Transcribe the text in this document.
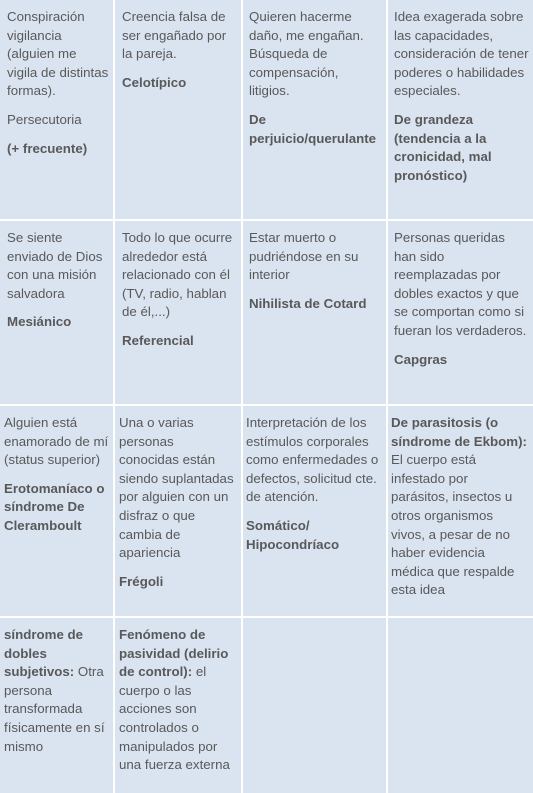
Conspiración vigilancia (alguien me vigila de distintas formas).

Persecutoria

(+ frecuente)

Creencia falsa de ser engañado por la pareja.

Celotípico

Quieren hacerme daño, me engañan. Búsqueda de compensación, litigios.

De perjuicio/querulante

Idea exagerada sobre las capacidades, consideración de tener poderes o habilidades especiales.

De grandeza (tendencia a la cronicidad, mal pronóstico)

Se siente enviado de Dios con una misión salvadora

Mesiánico

Todo lo que ocurre alrededor está relacionado con él (TV, radio, hablan de él,...)

Referencial

Estar muerto o pudriéndose en su interior

Nihilista de Cotard

Personas queridas han sido reemplazadas por dobles exactos y que se comportan como si fueran los verdaderos.

Capgras

Alguien está enamorado de mí (status superior)

Erotomaníaco o síndrome De Cleramboult

Una o varias personas conocidas están siendo suplantadas por alguien con un disfraz o que cambia de apariencia

Frégoli

Interpretación de los estímulos corporales como enfermedades o defectos, solicitud cte. de atención.

Somático/ Hipocondríaco

De parasitosis (o síndrome de Ekbom): El cuerpo está infestado por parásitos, insectos u otros organismos vivos, a pesar de no haber evidencia médica que respalde esta idea

síndrome de dobles subjetivos: Otra persona transformada físicamente en sí mismo

Fenómeno de pasividad (delirio de control): el cuerpo o las acciones son controlados o manipulados por una fuerza externa
